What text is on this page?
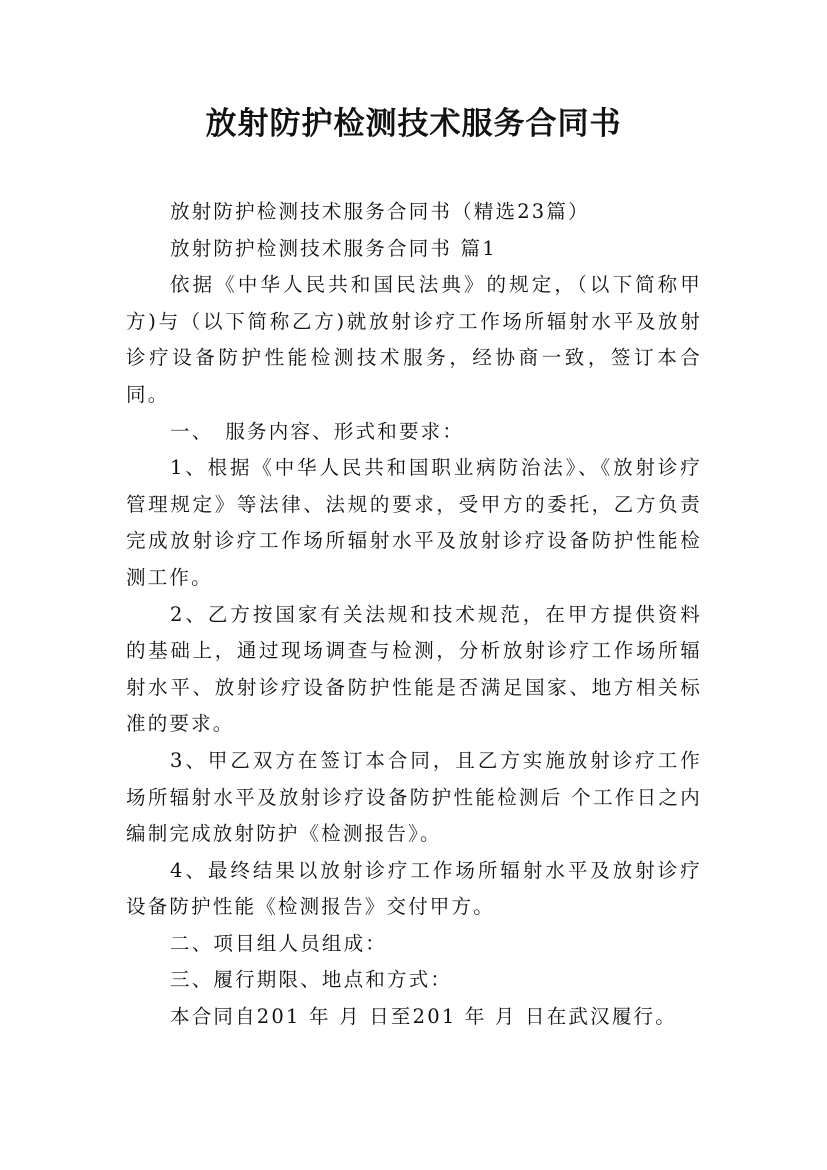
放射防护检测技术服务合同书

放射防护检测技术服务合同书（精选23篇）

放射防护检测技术服务合同书 篇1

依据《中华人民共和国民法典》的规定，（以下简称甲方)与（以下简称乙方)就放射诊疗工作场所辐射水平及放射诊疗设备防护性能检测技术服务，经协商一致，签订本合同。

一、　服务内容、形式和要求：

1、根据《中华人民共和国职业病防治法》、《放射诊疗管理规定》等法律、法规的要求，受甲方的委托，乙方负责完成放射诊疗工作场所辐射水平及放射诊疗设备防护性能检测工作。

2、乙方按国家有关法规和技术规范，在甲方提供资料的基础上，通过现场调查与检测，分析放射诊疗工作场所辐射水平、放射诊疗设备防护性能是否满足国家、地方相关标准的要求。

3、甲乙双方在签订本合同，且乙方实施放射诊疗工作场所辐射水平及放射诊疗设备防护性能检测后 个工作日之内编制完成放射防护《检测报告》。

4、最终结果以放射诊疗工作场所辐射水平及放射诊疗设备防护性能《检测报告》交付甲方。

二、项目组人员组成：

三、履行期限、地点和方式：

本合同自201 年 月 日至201 年 月 日在武汉履行。
